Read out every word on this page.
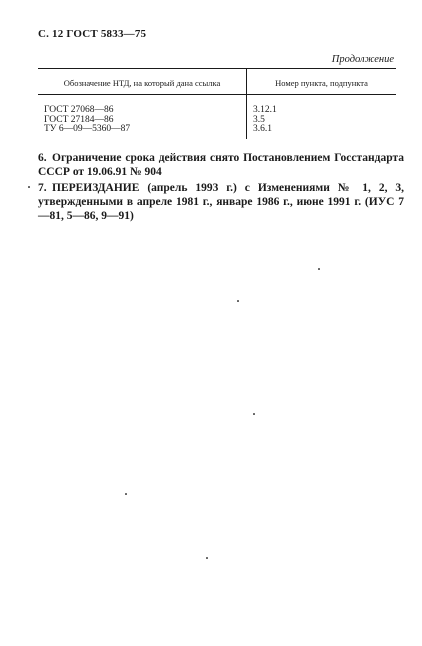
С. 12 ГОСТ 5833—75
Продолжение
Обозначение НТД, на который дана ссылка	Номер пункта, подпункта
ГОСТ 27068—86	3.12.1
ГОСТ 27184—86	3.5
ТУ 6—09—5360—87	3.6.1

6. Ограничение срока действия снято Постановлением Госстандарта СССР от 19.06.91 № 904

7. ПЕРЕИЗДАНИЕ (апрель 1993 г.) с Изменениями № 1, 2, 3, утвержденными в апреле 1981 г., январе 1986 г., июне 1991 г. (ИУС 7—81, 5—86, 9—91)
